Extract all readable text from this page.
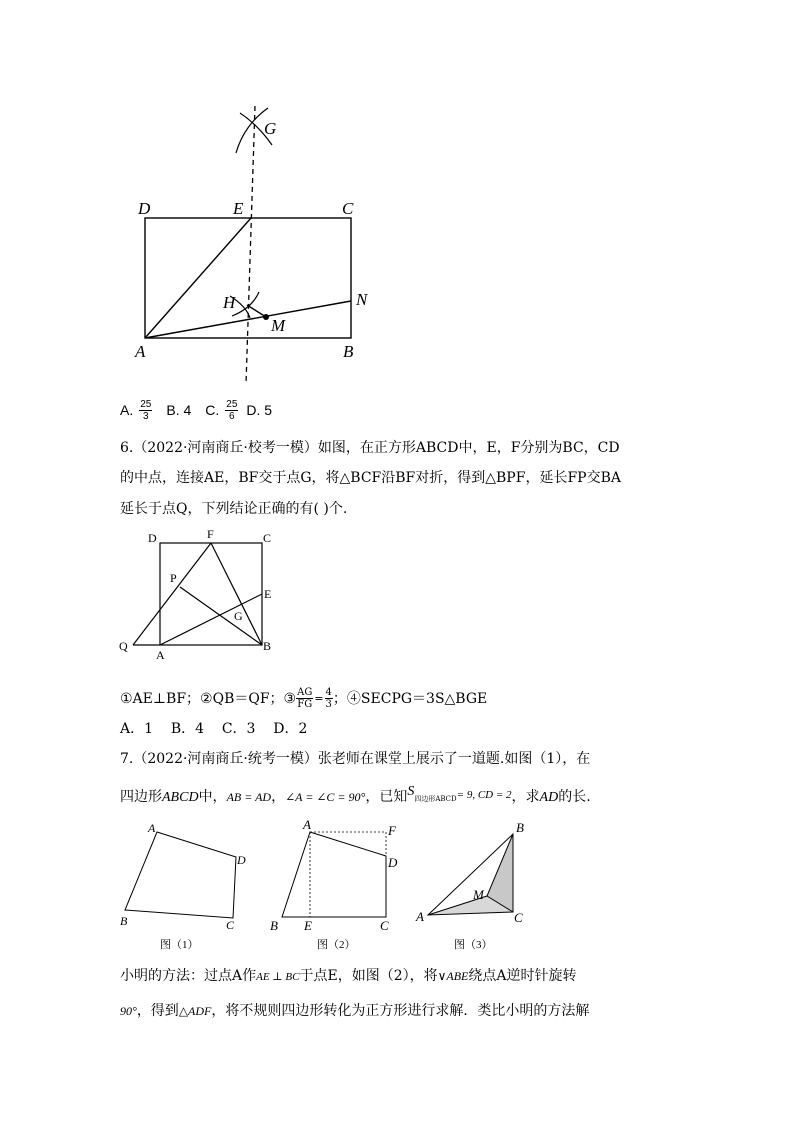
G
D	E	C
H
M
N
A	B
A. $\frac{25}{3} B$. 4 C. $\frac{25}{6} D$. 5
6.（2022·河南商丘·校考一模）如图，在正方形ABCD中，E，F分别为BC，CD
的中点，连接AE，BF交于点G，将△BCF沿BF对折，得到△BPF，延长FP交BA
延长于点Q，下列结论正确的有( )个.
D	F	C
P
E
G
Q
A
B
①AE⊥BF；②QB＝QF；③ $\frac{AG}{FG} = \frac{4}{3}$ ；④SECPG＝3S△BGE
A．1    B．4    C．3    D．2
7.（2022·河南商丘·统考一模）张老师在课堂上展示了一道题.如图（1），在
四边形 ABCD 中， AB = AD ， ∠A = ∠C = 90° ，已知 S 四边形ABCD = 9, CD = 2 ，求 AD 的长.
A
D
B	C
图（1）
A	F
D
B E	C
图（2）
B
M
A	C
图（3）
小明的方法：过点A作 AE ⊥ BC 于点E，如图（2），将 ∨ABE 绕点A逆时针旋转
90° ，得到 △ADF ，将不规则四边形转化为正方形进行求解．类比小明的方法解
